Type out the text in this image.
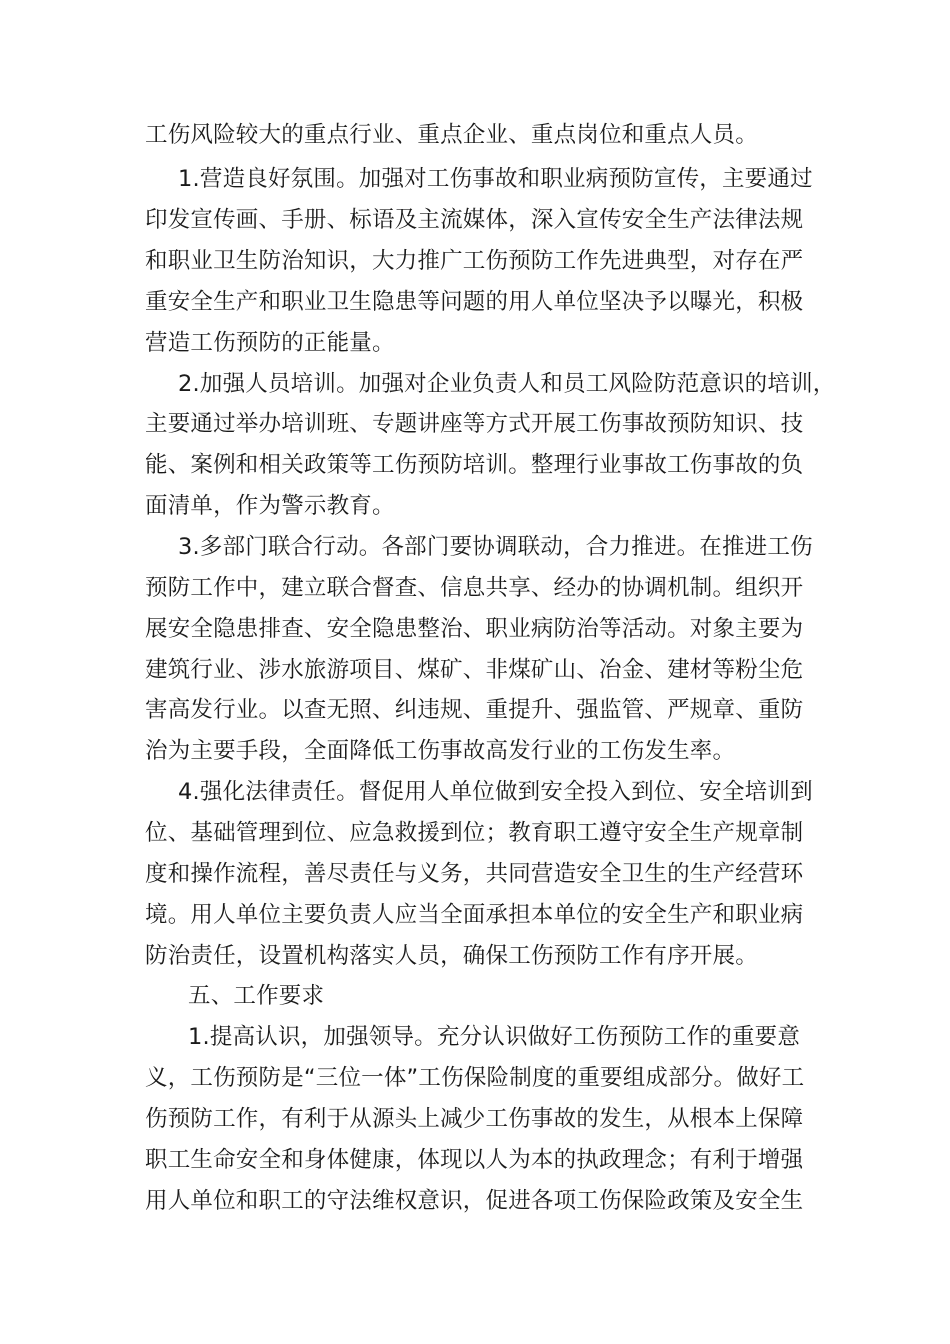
工伤风险较大的重点行业、重点企业、重点岗位和重点人员。
1.营造良好氛围。加强对工伤事故和职业病预防宣传，主要通过
印发宣传画、手册、标语及主流媒体，深入宣传安全生产法律法规
和职业卫生防治知识，大力推广工伤预防工作先进典型，对存在严
重安全生产和职业卫生隐患等问题的用人单位坚决予以曝光，积极
营造工伤预防的正能量。
2.加强人员培训。加强对企业负责人和员工风险防范意识的培训，
主要通过举办培训班、专题讲座等方式开展工伤事故预防知识、技
能、案例和相关政策等工伤预防培训。整理行业事故工伤事故的负
面清单，作为警示教育。
3.多部门联合行动。各部门要协调联动，合力推进。在推进工伤
预防工作中，建立联合督查、信息共享、经办的协调机制。组织开
展安全隐患排查、安全隐患整治、职业病防治等活动。对象主要为
建筑行业、涉水旅游项目、煤矿、非煤矿山、冶金、建材等粉尘危
害高发行业。以查无照、纠违规、重提升、强监管、严规章、重防
治为主要手段，全面降低工伤事故高发行业的工伤发生率。
4.强化法律责任。督促用人单位做到安全投入到位、安全培训到
位、基础管理到位、应急救援到位；教育职工遵守安全生产规章制
度和操作流程，善尽责任与义务，共同营造安全卫生的生产经营环
境。用人单位主要负责人应当全面承担本单位的安全生产和职业病
防治责任，设置机构落实人员，确保工伤预防工作有序开展。
五、工作要求
1.提高认识，加强领导。充分认识做好工伤预防工作的重要意
义，工伤预防是“三位一体”工伤保险制度的重要组成部分。做好工
伤预防工作，有利于从源头上减少工伤事故的发生，从根本上保障
职工生命安全和身体健康，体现以人为本的执政理念；有利于增强
用人单位和职工的守法维权意识，促进各项工伤保险政策及安全生
